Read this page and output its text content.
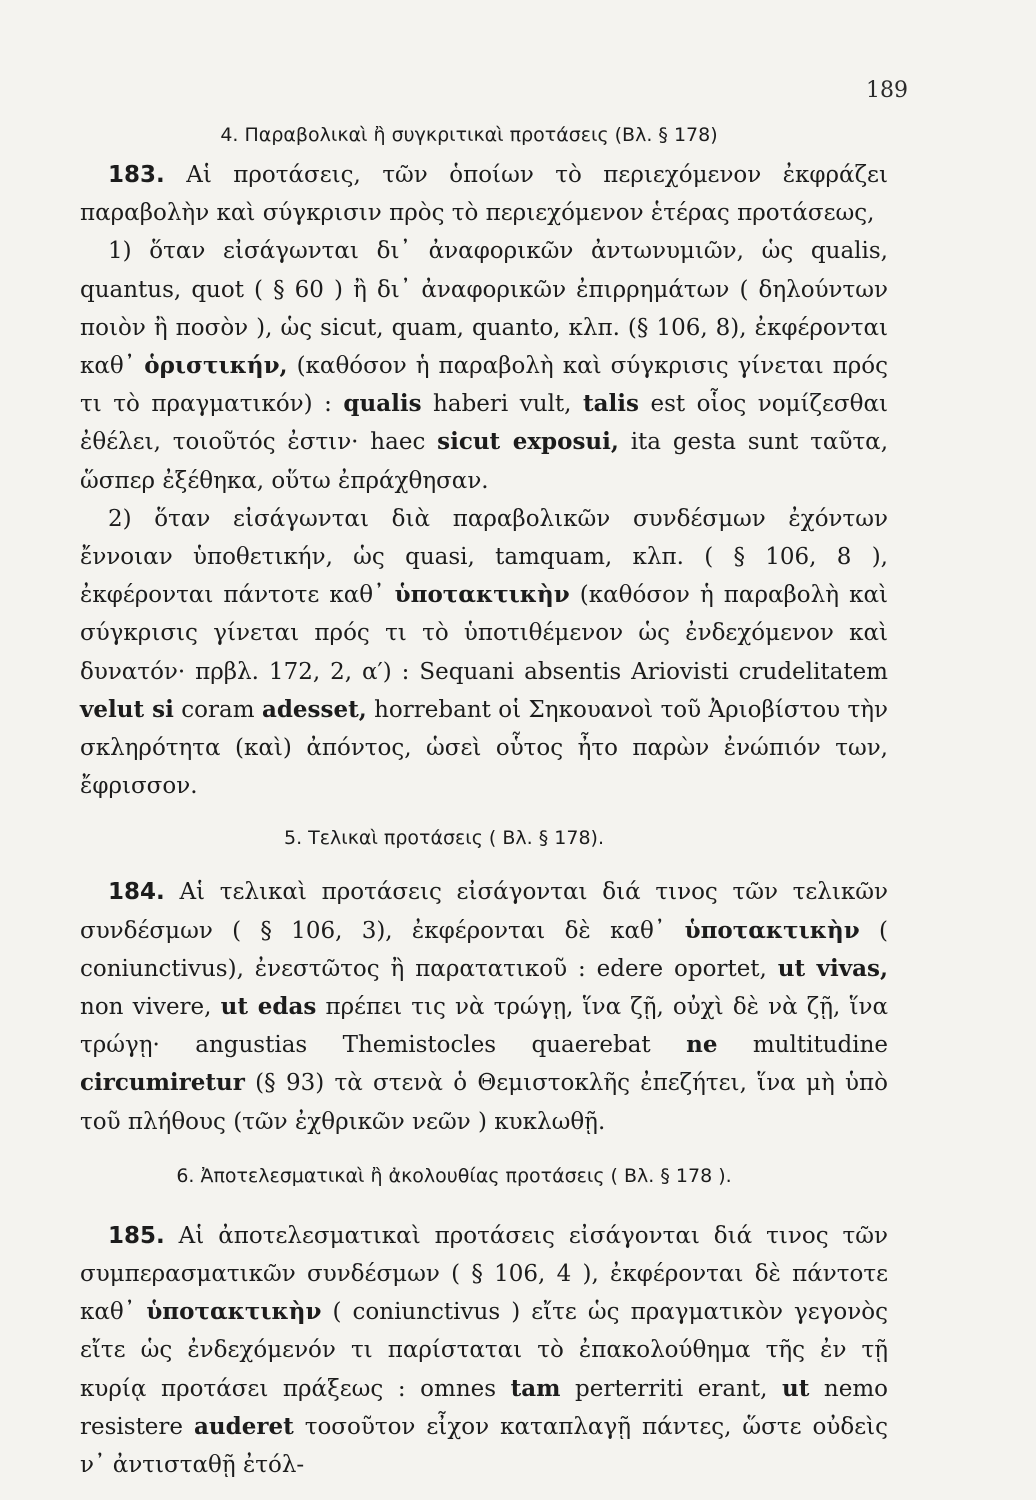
189

4. Παραβολικαὶ ἢ συγκριτικαὶ προτάσεις (Βλ. § 178)

183. Αἱ προτάσεις, τῶν ὁποίων τὸ περιεχόμενον ἐκφράζει παραβολὴν καὶ σύγκρισιν πρὸς τὸ περιεχόμενον ἑτέρας προτάσεως,

1) ὅταν εἰσάγωνται δι᾽ ἀναφορικῶν ἀντωνυμιῶν, ὡς qualis, quantus, quot ( § 60 ) ἢ δι᾽ ἀναφορικῶν ἐπιρρημάτων ( δηλούντων ποιὸν ἢ ποσὸν ), ὡς sicut, quam, quanto, κλπ. (§ 106, 8), ἐκφέρονται καθ᾽ ὁριστικήν, (καθόσον ἡ παραβολὴ καὶ σύγκρισις γίνεται πρός τι τὸ πραγματικόν) : qualis haberi vult, talis est οἷος νομίζεσθαι ἐθέλει, τοιοῦτός ἐστιν· haec sicut exposui, ita gesta sunt ταῦτα, ὥσπερ ἐξέθηκα, οὕτω ἐπράχθησαν.

2) ὅταν εἰσάγωνται διὰ παραβολικῶν συνδέσμων ἐχόντων ἔννοιαν ὑποθετικήν, ὡς quasi, tamquam, κλπ. ( § 106, 8 ), ἐκφέρονται πάντοτε καθ᾽ ὑποτακτικὴν (καθόσον ἡ παραβολὴ καὶ σύγκρισις γίνεται πρός τι τὸ ὑποτιθέμενον ὡς ἐνδεχόμενον καὶ δυνατόν· πρβλ. 172, 2, α′) : Sequani absentis Ariovisti crudelitatem velut si coram adesset, horrebant οἱ Σηκουανοὶ τοῦ Ἀριοβίστου τὴν σκληρότητα (καὶ) ἀπόντος, ὡσεὶ οὗτος ἦτο παρὼν ἐνώπιόν των, ἔφρισσον.

5. Τελικαὶ προτάσεις ( Βλ. § 178).

184. Αἱ τελικαὶ προτάσεις εἰσάγονται διά τινος τῶν τελικῶν συνδέσμων ( § 106, 3), ἐκφέρονται δὲ καθ᾽ ὑποτακτικὴν ( coniunctivus), ἐνεστῶτος ἢ παρατατικοῦ : edere oportet, ut vivas, non vivere, ut edas πρέπει τις νὰ τρώγῃ, ἵνα ζῇ, οὐχὶ δὲ νὰ ζῇ, ἵνα τρώγῃ· angustias Themistocles quaerebat ne multitudine circumiretur (§ 93) τὰ στενὰ ὁ Θεμιστοκλῆς ἐπεζήτει, ἵνα μὴ ὑπὸ τοῦ πλήθους (τῶν ἐχθρικῶν νεῶν ) κυκλωθῇ.

6. Ἀποτελεσματικαὶ ἢ ἀκολουθίας προτάσεις ( Βλ. § 178 ).

185. Αἱ ἀποτελεσματικαὶ προτάσεις εἰσάγονται διά τινος τῶν συμπερασματικῶν συνδέσμων ( § 106, 4 ), ἐκφέρονται δὲ πάντοτε καθ᾽ ὑποτακτικὴν ( coniunctivus ) εἴτε ὡς πραγματικὸν γεγονὸς εἴτε ὡς ἐνδεχόμενόν τι παρίσταται τὸ ἐπακολούθημα τῆς ἐν τῇ κυρίᾳ προτάσει πράξεως : omnes tam perterriti erant, ut nemo resistere auderet τοσοῦτον εἶχον καταπλαγῇ πάντες, ὥστε οὐδεὶς ν᾽ ἀντισταθῇ ἐτόλ-
